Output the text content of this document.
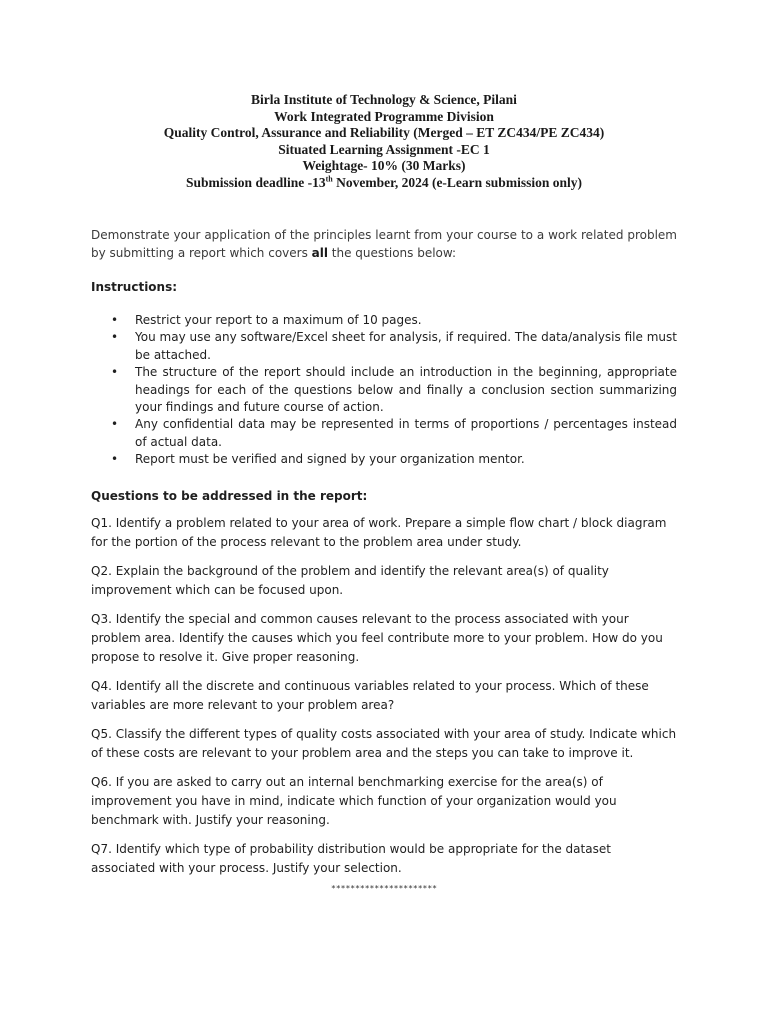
Birla Institute of Technology & Science, Pilani
Work Integrated Programme Division
Quality Control, Assurance and Reliability (Merged – ET ZC434/PE ZC434)
Situated Learning Assignment -EC 1
Weightage- 10% (30 Marks)
Submission deadline -13th November, 2024 (e-Learn submission only)
Demonstrate your application of the principles learnt from your course to a work related problem by submitting a report which covers all the questions below:
Instructions:
• Restrict your report to a maximum of 10 pages.
• You may use any software/Excel sheet for analysis, if required. The data/analysis file must be attached.
• The structure of the report should include an introduction in the beginning, appropriate headings for each of the questions below and finally a conclusion section summarizing your findings and future course of action.
• Any confidential data may be represented in terms of proportions / percentages instead of actual data.
• Report must be verified and signed by your organization mentor.
Questions to be addressed in the report:
Q1. Identify a problem related to your area of work. Prepare a simple flow chart / block diagram for the portion of the process relevant to the problem area under study.
Q2. Explain the background of the problem and identify the relevant area(s) of quality improvement which can be focused upon.
Q3. Identify the special and common causes relevant to the process associated with your problem area. Identify the causes which you feel contribute more to your problem. How do you propose to resolve it. Give proper reasoning.
Q4. Identify all the discrete and continuous variables related to your process. Which of these variables are more relevant to your problem area?
Q5. Classify the different types of quality costs associated with your area of study. Indicate which of these costs are relevant to your problem area and the steps you can take to improve it.
Q6. If you are asked to carry out an internal benchmarking exercise for the area(s) of improvement you have in mind, indicate which function of your organization would you benchmark with. Justify your reasoning.
Q7. Identify which type of probability distribution would be appropriate for the dataset associated with your process. Justify your selection.
**********************
